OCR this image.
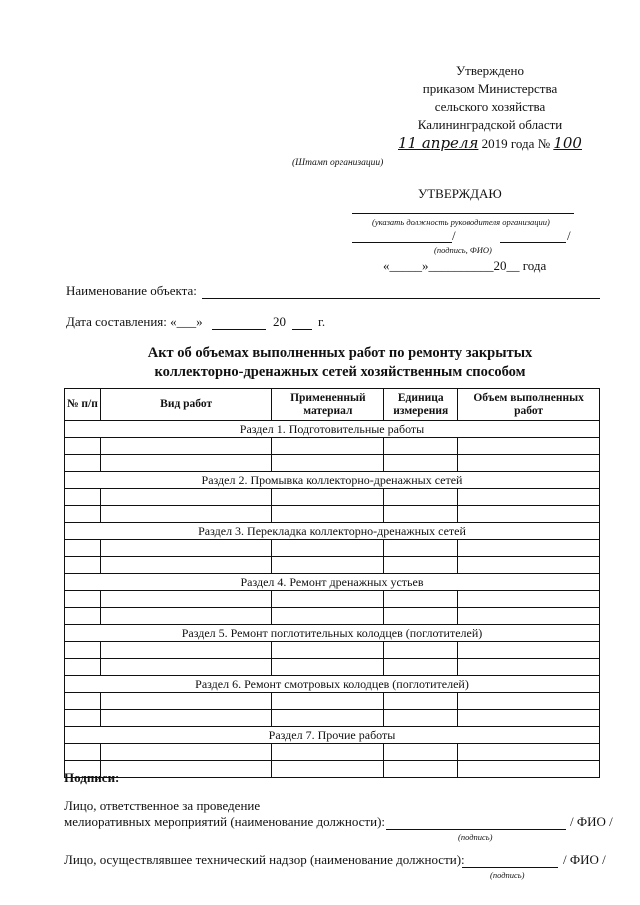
Утверждено
приказом Министерства
сельского хозяйства
Калининградской области
11 апреля 2019 года № 100
(Штамп организации)
УТВЕРЖДАЮ
(указать должность руководителя организации)
/	/
(подпись, ФИО)
«_____»__________20__ года
Наименование объекта:
Дата составления: «___»	20 г.
Акт об объемах выполненных работ по ремонту закрытых
коллекторно-дренажных сетей хозяйственным способом
№ п/п	Вид работ	Примененный материал	Единица измерения	Объем выполненных работ
Раздел 1. Подготовительные работы				

Раздел 2. Промывка коллекторно-дренажных сетей				

Раздел 3. Перекладка коллекторно-дренажных сетей				

Раздел 4. Ремонт дренажных устьев				

Раздел 5. Ремонт поглотительных колодцев (поглотителей)				

Раздел 6. Ремонт смотровых колодцев (поглотителей)				

Раздел 7. Прочие работы				

Подписи:
Лицо, ответственное за проведение
мелиоративных мероприятий (наименование должности):	/ ФИО /
(подпись)
Лицо, осуществлявшее технический надзор (наименование должности):	/ ФИО /
(подпись)
